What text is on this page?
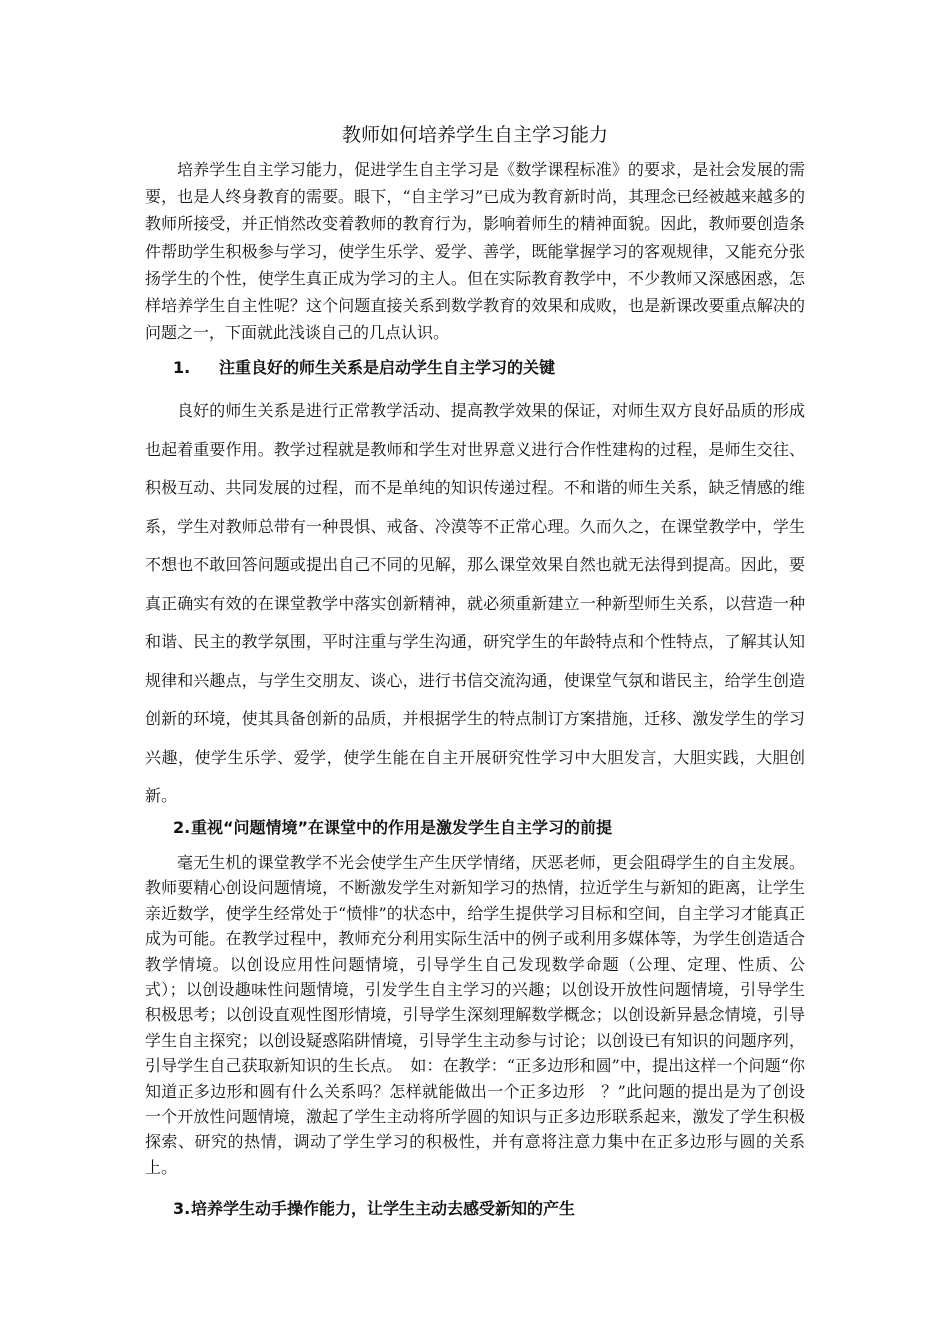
教师如何培养学生自主学习能力

培养学生自主学习能力，促进学生自主学习是《数学课程标准》的要求，是社会发展的需要，也是人终身教育的需要。眼下，“自主学习”已成为教育新时尚，其理念已经被越来越多的教师所接受，并正悄然改变着教师的教育行为，影响着师生的精神面貌。因此，教师要创造条件帮助学生积极参与学习，使学生乐学、爱学、善学，既能掌握学习的客观规律，又能充分张扬学生的个性，使学生真正成为学习的主人。但在实际教育教学中，不少教师又深感困惑，怎样培养学生自主性呢？这个问题直接关系到数学教育的效果和成败，也是新课改要重点解决的问题之一，下面就此浅谈自己的几点认识。

1. 注重良好的师生关系是启动学生自主学习的关键

良好的师生关系是进行正常教学活动、提高教学效果的保证，对师生双方良好品质的形成也起着重要作用。教学过程就是教师和学生对世界意义进行合作性建构的过程，是师生交往、积极互动、共同发展的过程，而不是单纯的知识传递过程。不和谐的师生关系，缺乏情感的维系，学生对教师总带有一种畏惧、戒备、冷漠等不正常心理。久而久之，在课堂教学中，学生不想也不敢回答问题或提出自己不同的见解，那么课堂效果自然也就无法得到提高。因此，要真正确实有效的在课堂教学中落实创新精神，就必须重新建立一种新型师生关系，以营造一种和谐、民主的教学氛围，平时注重与学生沟通，研究学生的年龄特点和个性特点，了解其认知规律和兴趣点，与学生交朋友、谈心，进行书信交流沟通，使课堂气氛和谐民主，给学生创造创新的环境，使其具备创新的品质，并根据学生的特点制订方案措施，迁移、激发学生的学习兴趣，使学生乐学、爱学，使学生能在自主开展研究性学习中大胆发言，大胆实践，大胆创新。

2.重视“问题情境”在课堂中的作用是激发学生自主学习的前提

毫无生机的课堂教学不光会使学生产生厌学情绪，厌恶老师，更会阻碍学生的自主发展。教师要精心创设问题情境，不断激发学生对新知学习的热情，拉近学生与新知的距离，让学生亲近数学，使学生经常处于“愤悱”的状态中，给学生提供学习目标和空间，自主学习才能真正成为可能。在教学过程中，教师充分利用实际生活中的例子或利用多媒体等，为学生创造适合教学情境。以创设应用性问题情境，引导学生自己发现数学命题（公理、定理、性质、公式）；以创设趣味性问题情境，引发学生自主学习的兴趣；以创设开放性问题情境，引导学生积极思考；以创设直观性图形情境，引导学生深刻理解数学概念；以创设新异悬念情境，引导学生自主探究；以创设疑惑陷阱情境，引导学生主动参与讨论；以创设已有知识的问题序列，引导学生自己获取新知识的生长点。　如：在教学：“正多边形和圆”中，提出这样一个问题“你知道正多边形和圆有什么关系吗？怎样就能做出一个正多边形　？”此问题的提出是为了创设一个开放性问题情境，激起了学生主动将所学圆的知识与正多边形联系起来，激发了学生积极探索、研究的热情，调动了学生学习的积极性，并有意将注意力集中在正多边形与圆的关系上。

3.培养学生动手操作能力，让学生主动去感受新知的产生
